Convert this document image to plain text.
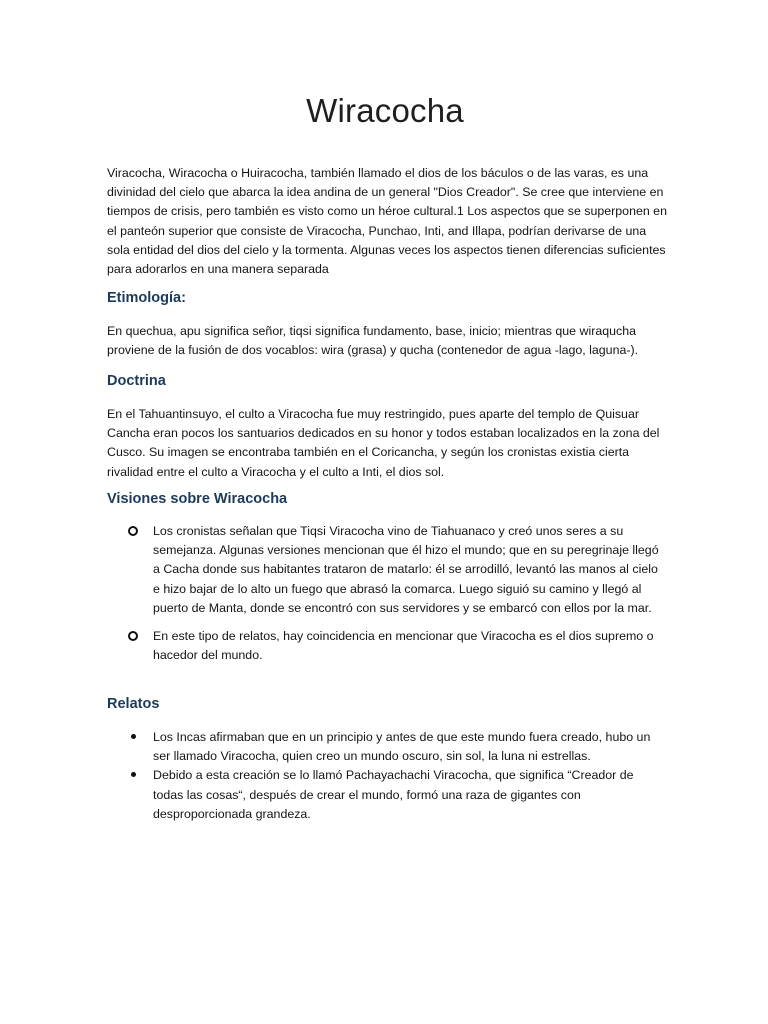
Wiracocha

Viracocha, Wiracocha o Huiracocha, también llamado el dios de los báculos o de las varas, es una divinidad del cielo que abarca la idea andina de un general "Dios Creador". Se cree que interviene en tiempos de crisis, pero también es visto como un héroe cultural.1 Los aspectos que se superponen en el panteón superior que consiste de Viracocha, Punchao, Inti, and Illapa, podrían derivarse de una sola entidad del dios del cielo y la tormenta. Algunas veces los aspectos tienen diferencias suficientes para adorarlos en una manera separada

Etimología:

En quechua, apu significa señor, tiqsi significa fundamento, base, inicio; mientras que wiraqucha proviene de la fusión de dos vocablos: wira (grasa) y qucha (contenedor de agua -lago, laguna-).

Doctrina

En el Tahuantinsuyo, el culto a Viracocha fue muy restringido, pues aparte del templo de Quisuar Cancha eran pocos los santuarios dedicados en su honor y todos estaban localizados en la zona del Cusco. Su imagen se encontraba también en el Coricancha, y según los cronistas existia cierta rivalidad entre el culto a Viracocha y el culto a Inti, el dios sol.

Visiones sobre Wiracocha
Los cronistas señalan que Tiqsi Viracocha vino de Tiahuanaco y creó unos seres a su semejanza. Algunas versiones mencionan que él hizo el mundo; que en su peregrinaje llegó a Cacha donde sus habitantes trataron de matarlo: él se arrodilló, levantó las manos al cielo e hizo bajar de lo alto un fuego que abrasó la comarca. Luego siguió su camino y llegó al puerto de Manta, donde se encontró con sus servidores y se embarcó con ellos por la mar.
En este tipo de relatos, hay coincidencia en mencionar que Viracocha es el dios supremo o hacedor del mundo.
Relatos
Los Incas afirmaban que en un principio y antes de que este mundo fuera creado, hubo un ser llamado Viracocha, quien creo un mundo oscuro, sin sol, la luna ni estrellas.
Debido a esta creación se lo llamó Pachayachachi Viracocha, que significa “Creador de todas las cosas“, después de crear el mundo, formó una raza de gigantes con desproporcionada grandeza.
